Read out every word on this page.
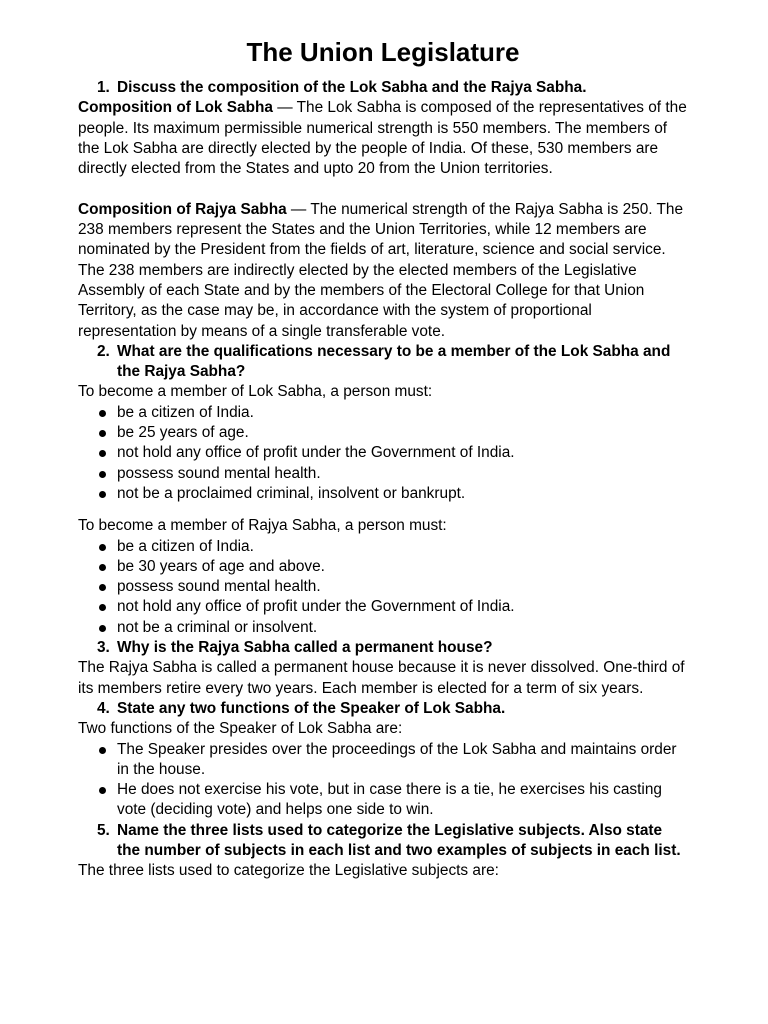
The Union Legislature

1. Discuss the composition of the Lok Sabha and the Rajya Sabha.

Composition of Lok Sabha — The Lok Sabha is composed of the representatives of the people. Its maximum permissible numerical strength is 550 members. The members of the Lok Sabha are directly elected by the people of India. Of these, 530 members are directly elected from the States and upto 20 from the Union territories.

Composition of Rajya Sabha — The numerical strength of the Rajya Sabha is 250. The 238 members represent the States and the Union Territories, while 12 members are nominated by the President from the fields of art, literature, science and social service. The 238 members are indirectly elected by the elected members of the Legislative Assembly of each State and by the members of the Electoral College for that Union Territory, as the case may be, in accordance with the system of proportional representation by means of a single transferable vote.

2. What are the qualifications necessary to be a member of the Lok Sabha and the Rajya Sabha?

To become a member of Lok Sabha, a person must:

be a citizen of India.
be 25 years of age.
not hold any office of profit under the Government of India.
possess sound mental health.
not be a proclaimed criminal, insolvent or bankrupt.

To become a member of Rajya Sabha, a person must:

be a citizen of India.
be 30 years of age and above.
possess sound mental health.
not hold any office of profit under the Government of India.
not be a criminal or insolvent.

3. Why is the Rajya Sabha called a permanent house?

The Rajya Sabha is called a permanent house because it is never dissolved. One-third of its members retire every two years. Each member is elected for a term of six years.

4. State any two functions of the Speaker of Lok Sabha.

Two functions of the Speaker of Lok Sabha are:

The Speaker presides over the proceedings of the Lok Sabha and maintains order in the house.
He does not exercise his vote, but in case there is a tie, he exercises his casting vote (deciding vote) and helps one side to win.

5. Name the three lists used to categorize the Legislative subjects. Also state the number of subjects in each list and two examples of subjects in each list.

The three lists used to categorize the Legislative subjects are:
